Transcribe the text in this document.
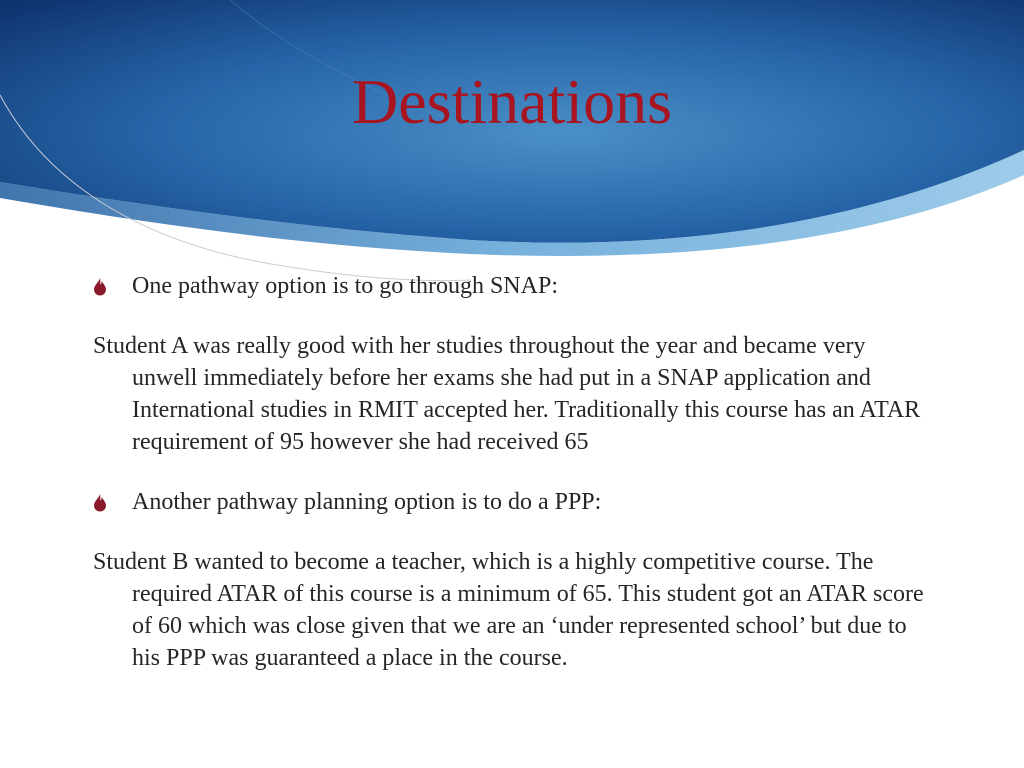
Destinations
One pathway option is to go through SNAP:

Student A was really good with her studies throughout the year and became very unwell immediately before her exams she had put in a SNAP application and International studies in RMIT accepted her. Traditionally this course has an ATAR requirement of 95 however she had received 65

Another pathway planning option is to do a PPP:

Student B wanted to become a teacher, which is a highly competitive course. The required ATAR of this course is a minimum of 65. This student got an ATAR score of 60 which was close given that we are an ‘under represented school’ but due to his PPP was guaranteed a place in the course.
